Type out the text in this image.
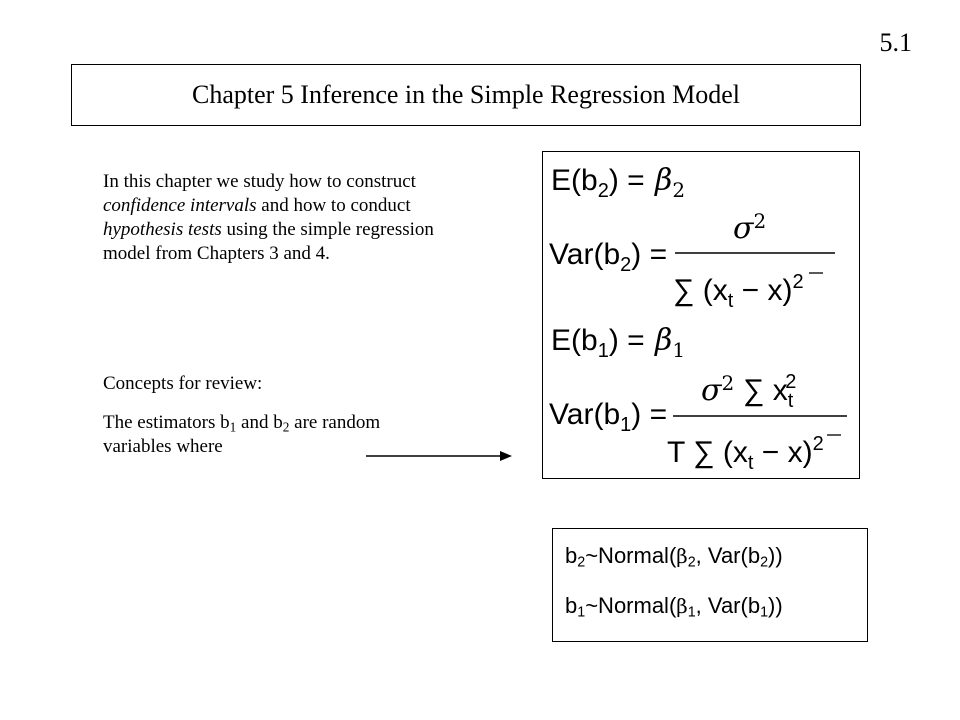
5.1
Chapter 5 Inference in the Simple Regression Model
In this chapter we study how to construct confidence intervals and how to conduct hypothesis tests using the simple regression model from Chapters 3 and 4.
Concepts for review:
The estimators $b_1$ and $b_2$ are random variables where
$E(b_2) = \beta_2$
$Var(b_2)$ =
$\sigma^2$
∑ $(x_t - x)^2$
$E(b_1) = \beta_1$
$Var(b_1)$ =
$\sigma^2$ ∑ $x_t2$
T ∑ $(x_t - x)^2$
$b_2\sim Normal(\beta_2$, $Var(b_2)$)
$b_1\sim Normal(\beta_1$, $Var(b_1)$)
